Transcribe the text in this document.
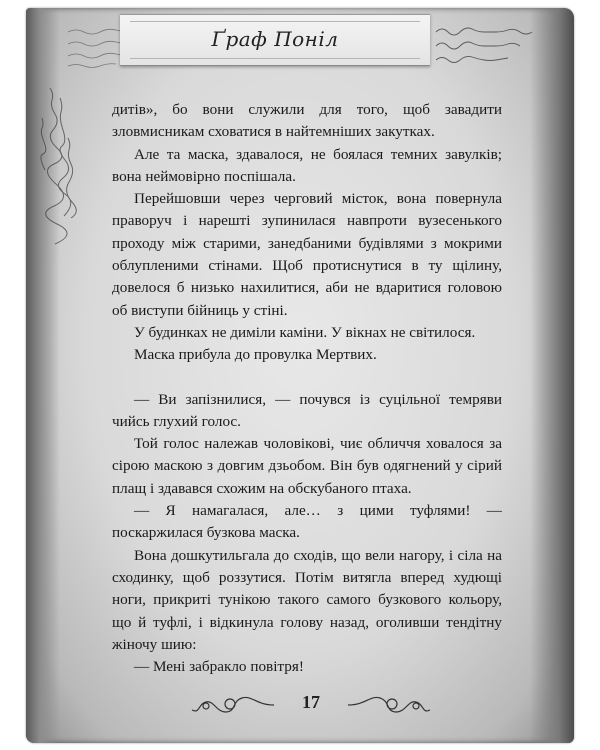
Ґраф Поніл

дитів», бо вони служили для того, щоб завадити зловмисникам сховатися в найтемніших закутках.

Але та маска, здавалося, не боялася темних завулків; вона неймовірно поспішала.

Перейшовши через черговий місток, вона повернула праворуч і нарешті зупинилася навпроти вузесенького проходу між старими, занедбаними будівлями з мокрими облупленими стінами. Щоб протиснутися в ту щілину, довелося б низько нахилитися, аби не вдаритися головою об виступи бійниць у стіні.

У будинках не диміли каміни. У вікнах не світилося.

Маска прибула до провулка Мертвих.

— Ви запізнилися, — почувся із суцільної темряви чийсь глухий голос.

Той голос належав чоловікові, чиє обличчя ховалося за сірою маскою з довгим дзьобом. Він був одягнений у сірий плащ і здавався схожим на обскубаного птаха.

— Я намагалася, але… з цими туфлями! — поскаржилася бузкова маска.

Вона дошкутильгала до сходів, що вели нагору, і сіла на сходинку, щоб роззутися. Потім витягла вперед худющі ноги, прикриті тунікою такого самого бузкового кольору, що й туфлі, і відкинула голову назад, оголивши тендітну жіночу шию:

— Мені забракло повітря!

17
